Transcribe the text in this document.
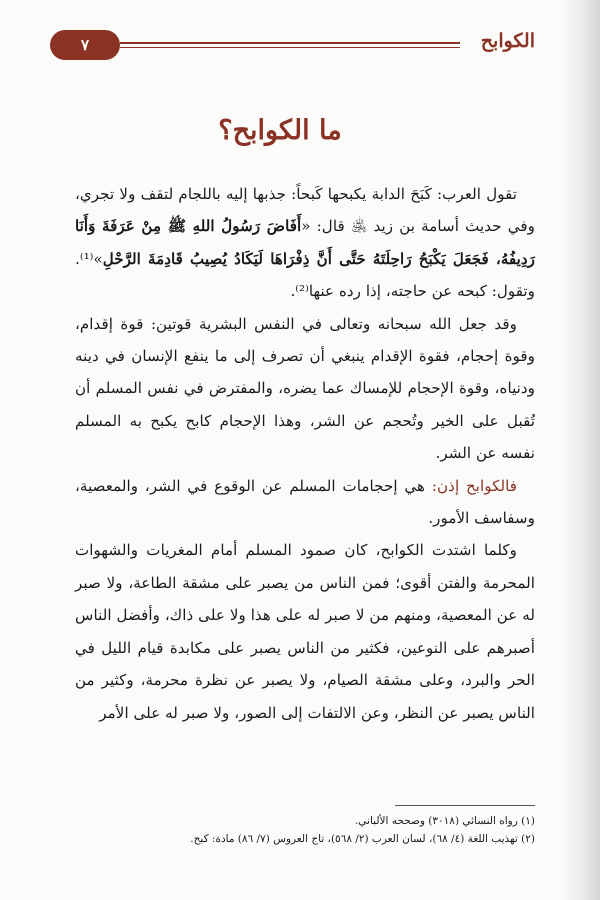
٧	الكوابح
ما الكوابح؟

تقول العرب: كَبَحَ الدابة يكبحها كَبحاً: جذبها إليه باللجام لتقف ولا تجري، وفي حديث أسامة بن زيد ﵁ قال: «أَفَاضَ رَسُولُ اللهِ ﷺ مِنْ عَرَفَةَ وَأَنَا رَدِيفُهُ، فَجَعَلَ يَكْبَحُ رَاحِلَتَهُ حَتَّى أَنَّ ذِفْرَاهَا لَيَكَادُ يُصِيبُ قَادِمَةَ الرَّحْلِ»⁽¹⁾. وتقول: كبحه عن حاجته، إذا رده عنها⁽²⁾.

وقد جعل الله سبحانه وتعالى في النفس البشرية قوتين: قوة إقدام، وقوة إحجام، فقوة الإقدام ينبغي أن تصرف إلى ما ينفع الإنسان في دينه ودنياه، وقوة الإحجام للإمساك عما يضره، والمفترض في نفس المسلم أن تُقبل على الخير وتُحجم عن الشر، وهذا الإحجام كابح يكبح به المسلم نفسه عن الشر.

فالكوابح إذن: هي إحجامات المسلم عن الوقوع في الشر، والمعصية، وسفاسف الأمور.

وكلما اشتدت الكوابح، كان صمود المسلم أمام المغريات والشهوات المحرمة والفتن أقوى؛ فمن الناس من يصبر على مشقة الطاعة، ولا صبر له عن المعصية، ومنهم من لا صبر له على هذا ولا على ذاك، وأفضل الناس أصبرهم على النوعين، فكثير من الناس يصبر على مكابدة قيام الليل في الحر والبرد، وعلى مشقة الصيام، ولا يصبر عن نظرة محرمة، وكثير من الناس يصبر عن النظر، وعن الالتفات إلى الصور، ولا صبر له على الأمر

(١) رواه النسائي (٣٠١٨) وصححه الألباني.
(٢) تهذيب اللغة (٤/ ٦٨)، لسان العرب (٢/ ٥٦٨)، تاج العروس (٧/ ٨٦) مادة: كبح.
